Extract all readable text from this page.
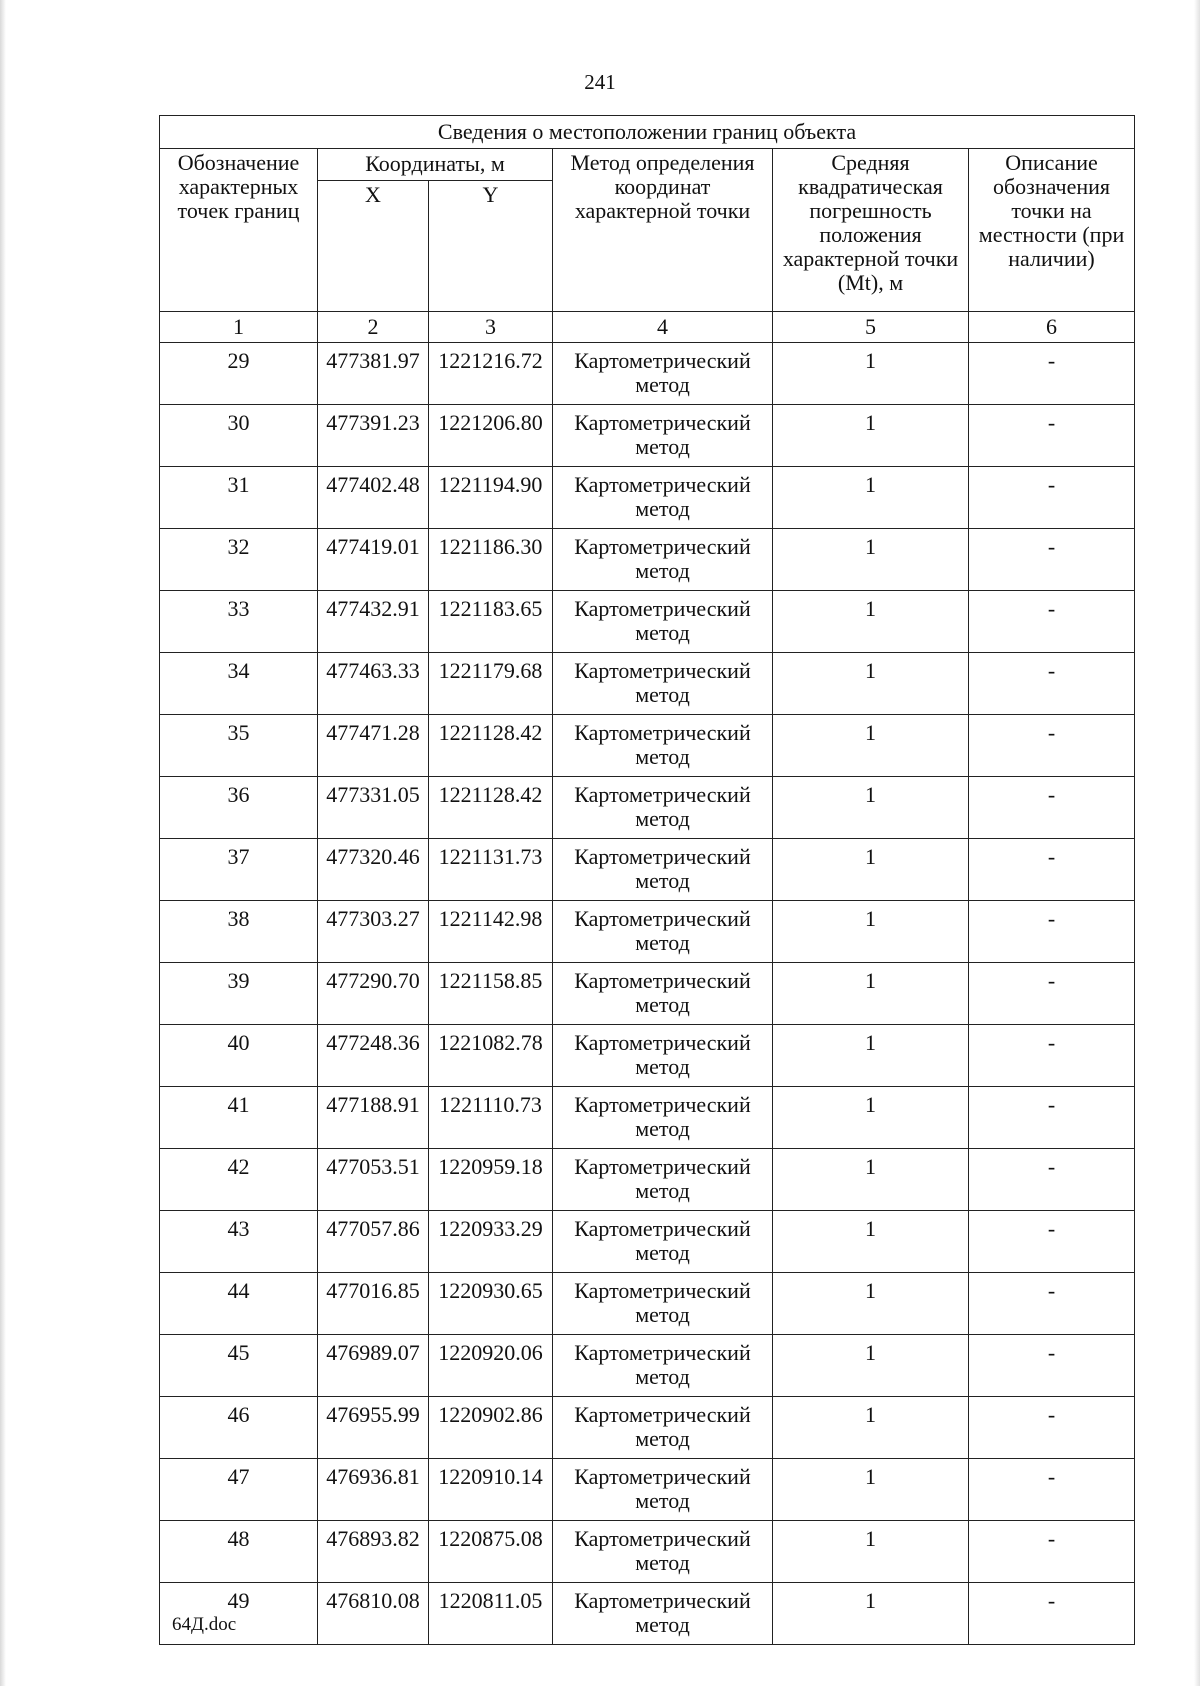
241
Сведения о местоположении границ объекта					
Обозначение характерных точек границ	Координаты, м		Метод определения координат характерной точки	Средняя квадратическая погрешность положения характерной точки (Mt), м	Описание обозначения точки на местности (при наличии)
	X	Y			
1	2	3	4	5	6
29	477381.97	1221216.72	Картометрический метод	1	-
30	477391.23	1221206.80	Картометрический метод	1	-
31	477402.48	1221194.90	Картометрический метод	1	-
32	477419.01	1221186.30	Картометрический метод	1	-
33	477432.91	1221183.65	Картометрический метод	1	-
34	477463.33	1221179.68	Картометрический метод	1	-
35	477471.28	1221128.42	Картометрический метод	1	-
36	477331.05	1221128.42	Картометрический метод	1	-
37	477320.46	1221131.73	Картометрический метод	1	-
38	477303.27	1221142.98	Картометрический метод	1	-
39	477290.70	1221158.85	Картометрический метод	1	-
40	477248.36	1221082.78	Картометрический метод	1	-
41	477188.91	1221110.73	Картометрический метод	1	-
42	477053.51	1220959.18	Картометрический метод	1	-
43	477057.86	1220933.29	Картометрический метод	1	-
44	477016.85	1220930.65	Картометрический метод	1	-
45	476989.07	1220920.06	Картометрический метод	1	-
46	476955.99	1220902.86	Картометрический метод	1	-
47	476936.81	1220910.14	Картометрический метод	1	-
48	476893.82	1220875.08	Картометрический метод	1	-
49	476810.08	1220811.05	Картометрический метод	1	-
64Д.doc
